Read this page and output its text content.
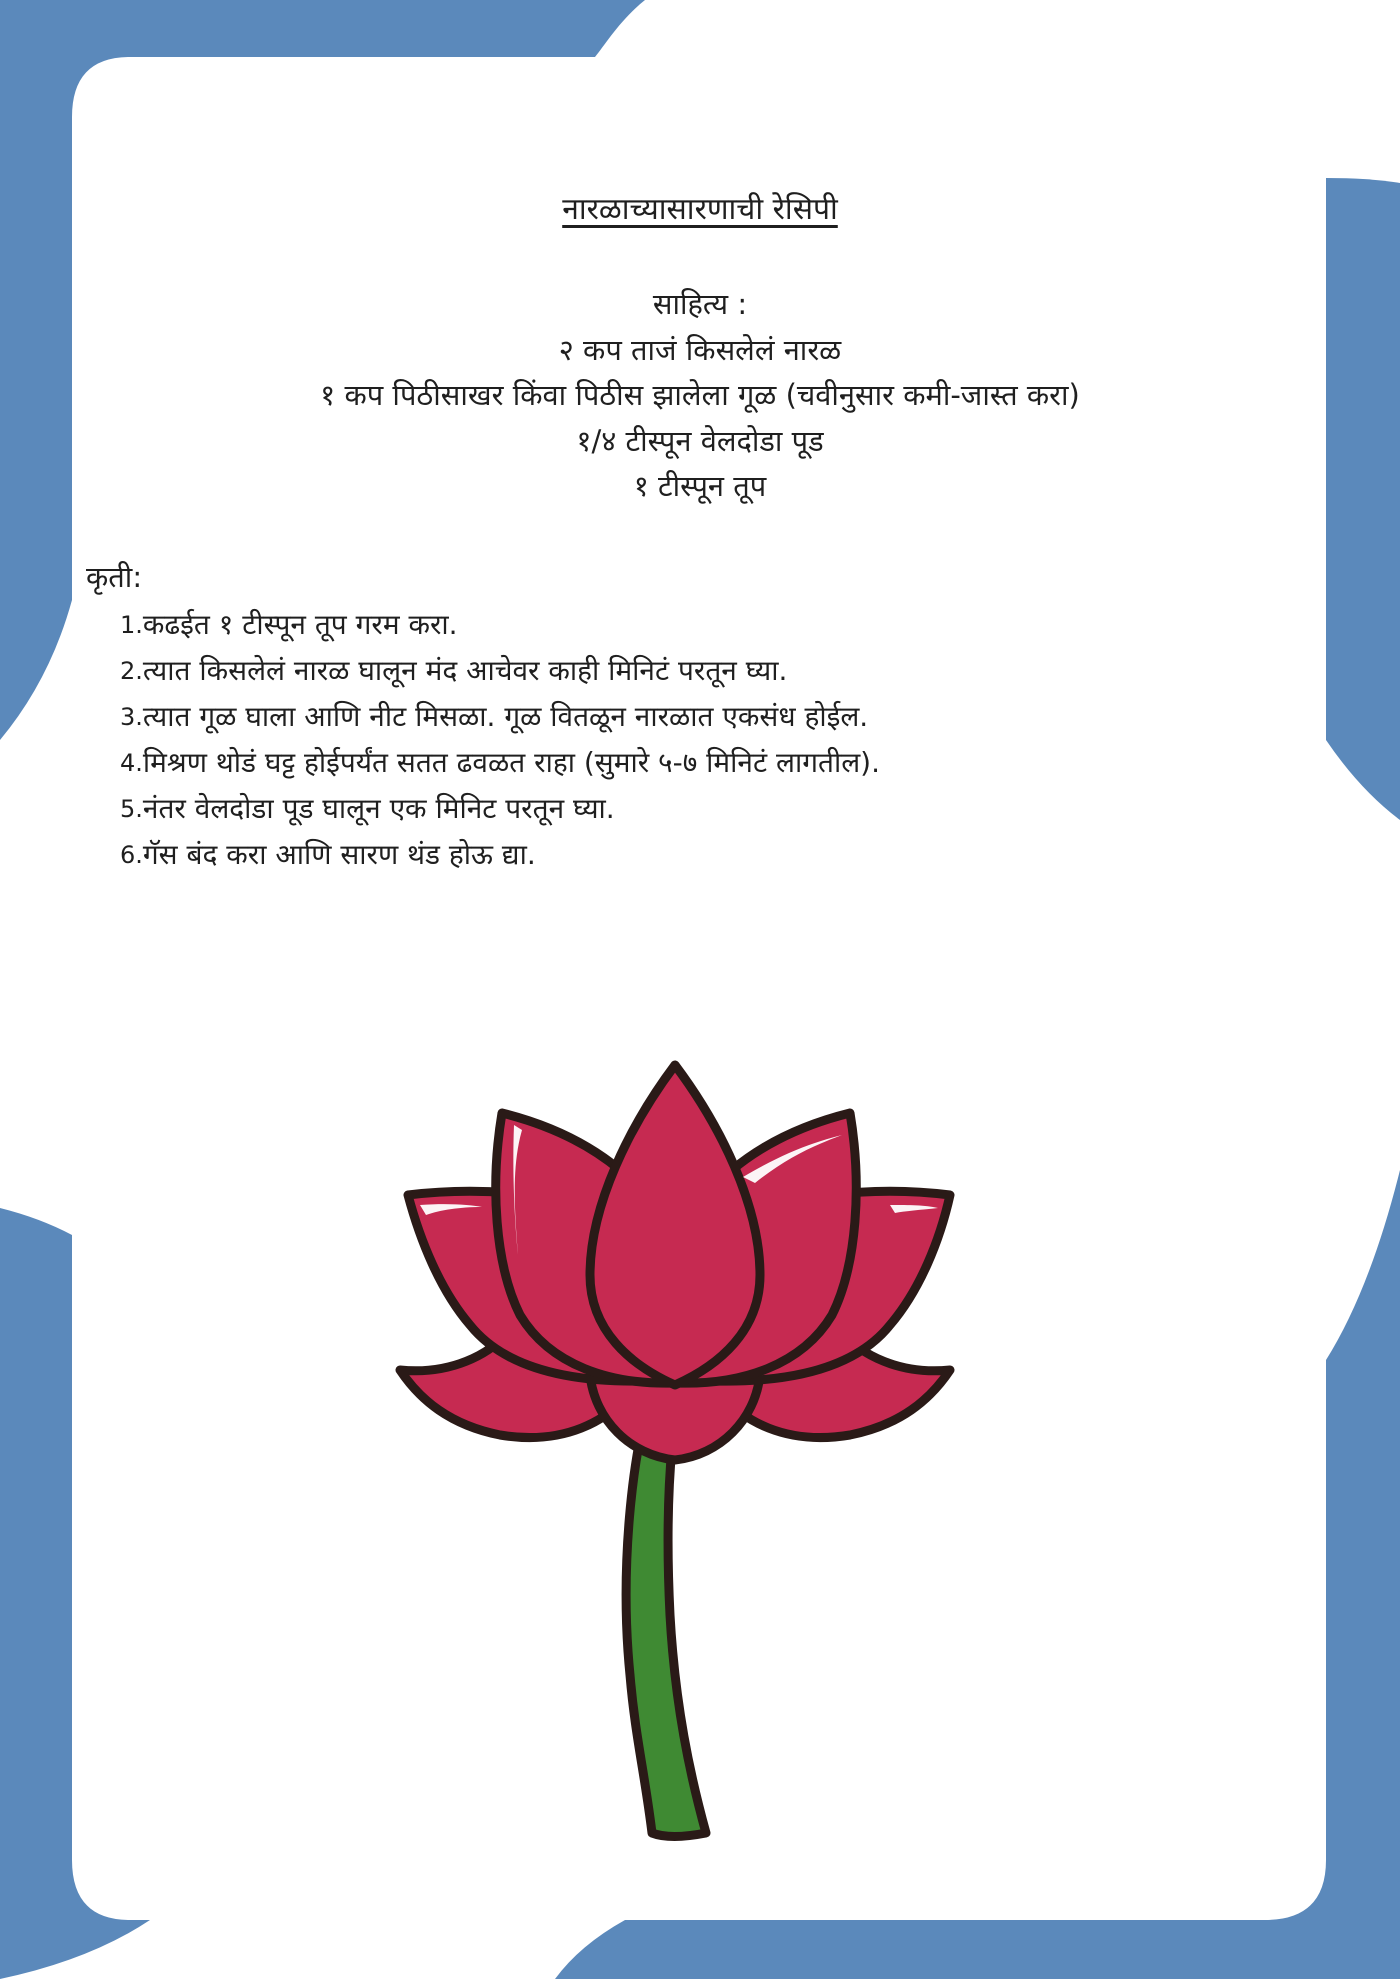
नारळाच्यासारणाची रेसिपी
साहित्य :
२ कप ताजं किसलेलं नारळ
१ कप पिठीसाखर किंवा पिठीस झालेला गूळ (चवीनुसार कमी-जास्त करा)
१/४ टीस्पून वेलदोडा पूड
१ टीस्पून तूप
कृती:
1. कढईत १ टीस्पून तूप गरम करा.
2. त्यात किसलेलं नारळ घालून मंद आचेवर काही मिनिटं परतून घ्या.
3. त्यात गूळ घाला आणि नीट मिसळा. गूळ वितळून नारळात एकसंध होईल.
4. मिश्रण थोडं घट्ट होईपर्यंत सतत ढवळत राहा (सुमारे ५-७ मिनिटं लागतील).
5. नंतर वेलदोडा पूड घालून एक मिनिट परतून घ्या.
6. गॅस बंद करा आणि सारण थंड होऊ द्या.
